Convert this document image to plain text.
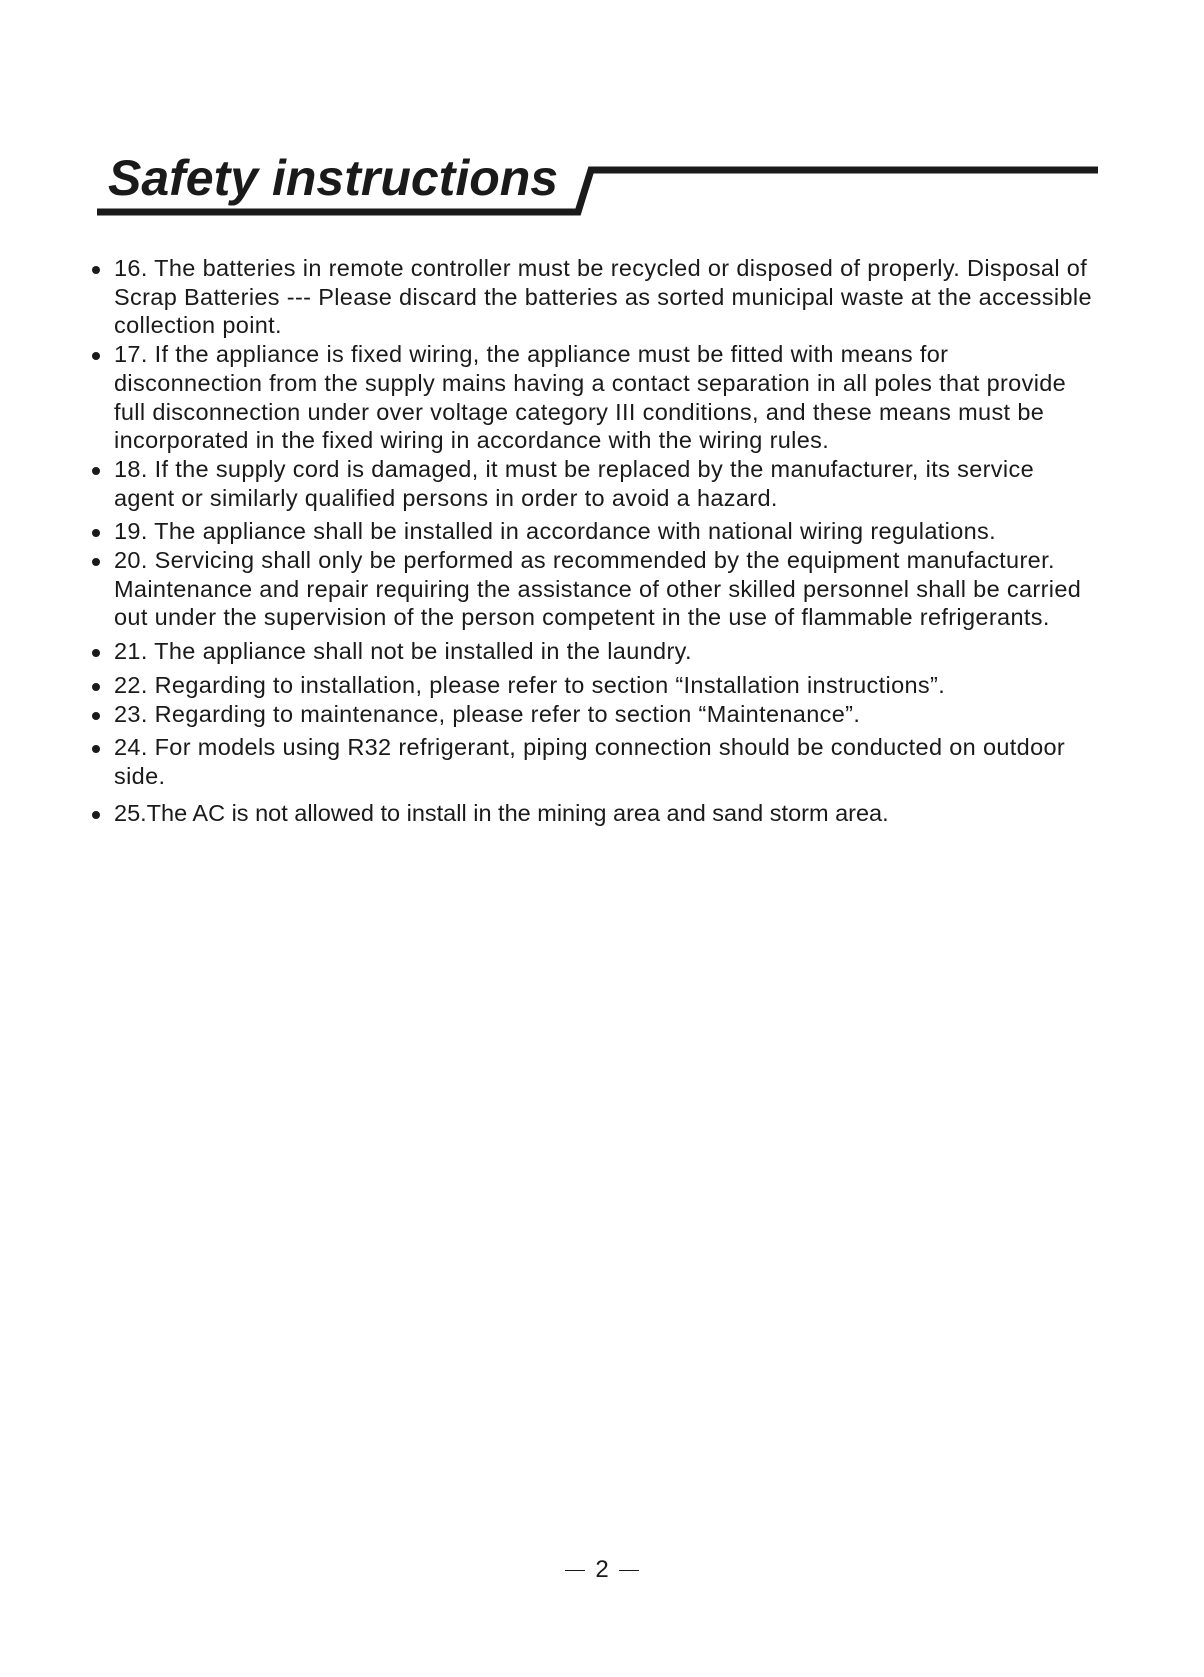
Safety instructions
16. The batteries in remote controller must be recycled or disposed of properly. Disposal of Scrap Batteries --- Please discard the batteries as sorted municipal waste at the accessible collection point.
17. If the appliance is fixed wiring, the appliance must be fitted with means for disconnection from the supply mains having a contact separation in all poles that provide full disconnection under over voltage category III conditions, and these means must be incorporated in the fixed wiring in accordance with the wiring rules.
18. If the supply cord is damaged, it must be replaced by the manufacturer, its service agent or similarly qualified persons in order to avoid a hazard.
19. The appliance shall be installed in accordance with national wiring regulations.
20. Servicing shall only be performed as recommended by the equipment manufacturer. Maintenance and repair requiring the assistance of other skilled personnel shall be carried out under the supervision of the person competent in the use of flammable refrigerants.
21. The appliance shall not be installed in the laundry.
22. Regarding to installation, please refer to section “Installation instructions”.
23. Regarding to maintenance, please refer to section “Maintenance”.
24. For models using R32 refrigerant, piping connection should be conducted on outdoor side.
25.The AC is not allowed to install in the mining area and sand storm area.
2
